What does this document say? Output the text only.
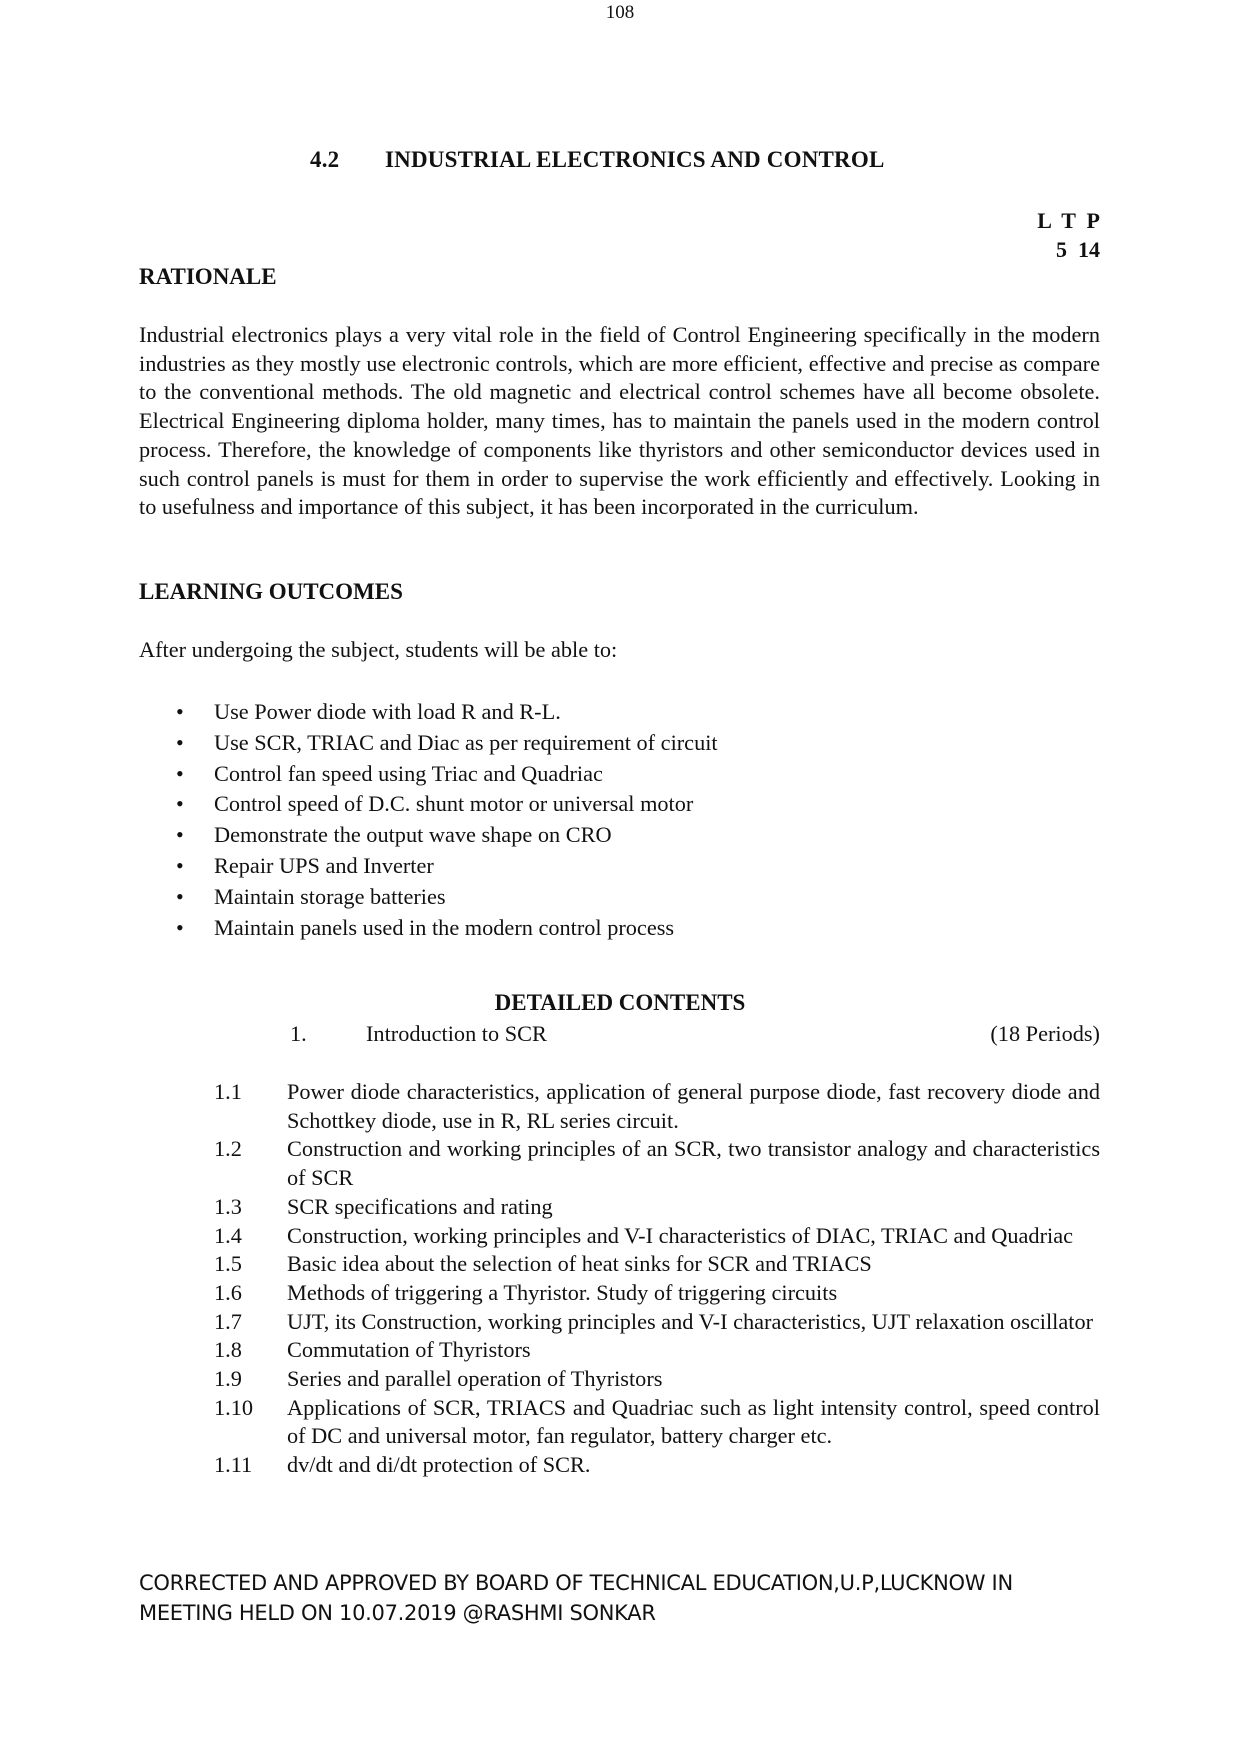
108
4.2 INDUSTRIAL ELECTRONICS AND CONTROL
L  T  P
5  14
RATIONALE
Industrial electronics plays a very vital role in the field of Control Engineering specifically in the modern industries as they mostly use electronic controls, which are more efficient, effective and precise as compare to the conventional methods. The old magnetic and electrical control schemes have all become obsolete. Electrical Engineering diploma holder, many times, has to maintain the panels used in the modern control process. Therefore, the knowledge of components like thyristors and other semiconductor devices used in such control panels is must for them in order to supervise the work efficiently and effectively. Looking in to usefulness and importance of this subject, it has been incorporated in the curriculum.
LEARNING OUTCOMES
After undergoing the subject, students will be able to:
• Use Power diode with load R and R-L.
• Use SCR, TRIAC and Diac as per requirement of circuit
• Control fan speed using Triac and Quadriac
• Control speed of D.C. shunt motor or universal motor
• Demonstrate the output wave shape on CRO
• Repair UPS and Inverter
• Maintain storage batteries
• Maintain panels used in the modern control process
DETAILED CONTENTS
1.	Introduction to SCR	(18 Periods)
1.1 Power diode characteristics, application of general purpose diode, fast recovery diode and Schottkey diode, use in R, RL series circuit.
1.2 Construction and working principles of an SCR, two transistor analogy and characteristics of SCR
1.3 SCR specifications and rating
1.4 Construction, working principles and V-I characteristics of DIAC, TRIAC and Quadriac
1.5 Basic idea about the selection of heat sinks for SCR and TRIACS
1.6 Methods of triggering a Thyristor. Study of triggering circuits
1.7 UJT, its Construction, working principles and V-I characteristics, UJT relaxation oscillator
1.8 Commutation of Thyristors
1.9 Series and parallel operation of Thyristors
1.10 Applications of SCR, TRIACS and Quadriac such as light intensity control, speed control of DC and universal motor, fan regulator, battery charger etc.
1.11 dv/dt and di/dt protection of SCR.
CORRECTED AND APPROVED BY BOARD OF TECHNICAL EDUCATION,U.P,LUCKNOW IN
MEETING HELD ON 10.07.2019 @RASHMI SONKAR
